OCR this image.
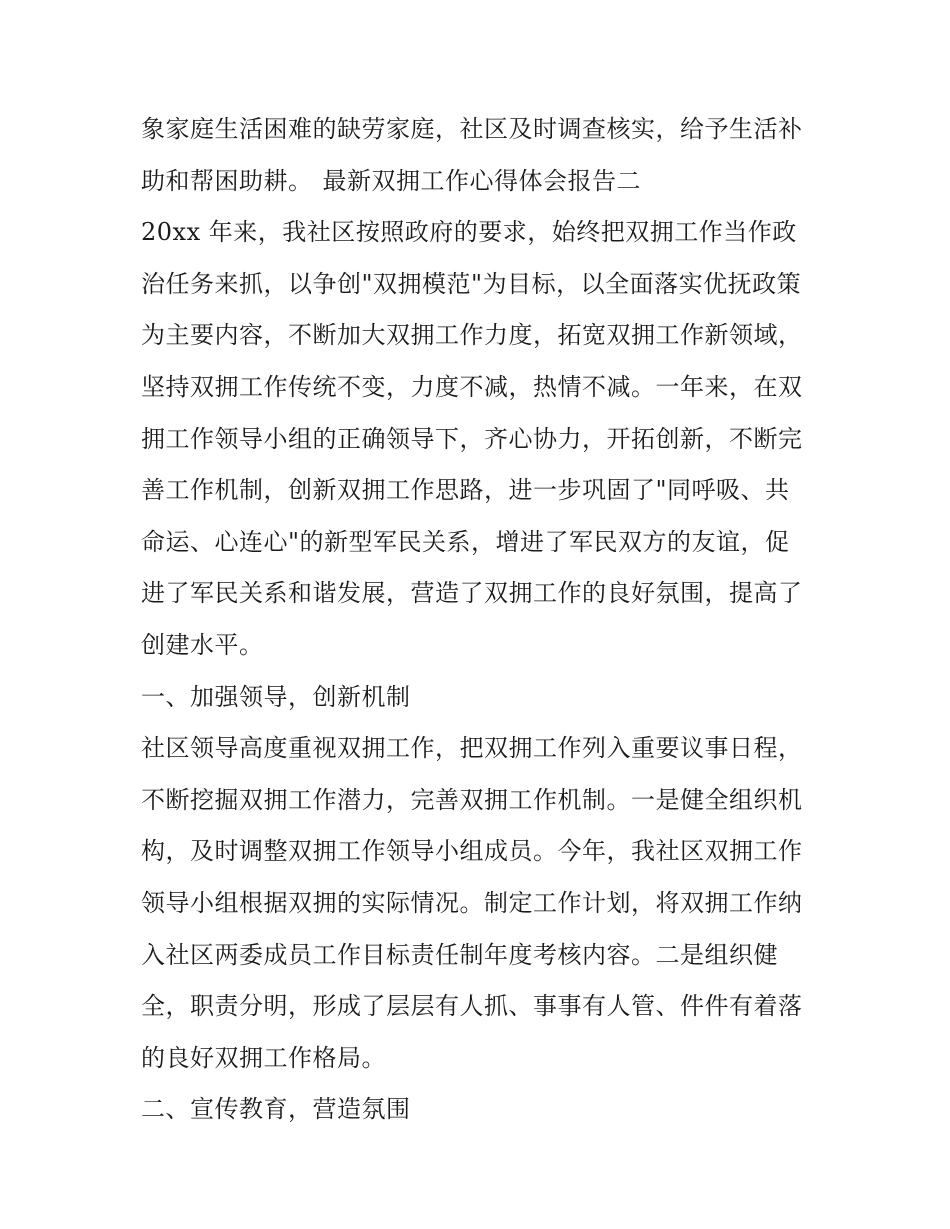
象家庭生活困难的缺劳家庭，社区及时调查核实，给予生活补
助和帮困助耕。 最新双拥工作心得体会报告二
20xx 年来，我社区按照政府的要求，始终把双拥工作当作政
治任务来抓，以争创"双拥模范"为目标，以全面落实优抚政策
为主要内容，不断加大双拥工作力度，拓宽双拥工作新领域，
坚持双拥工作传统不变，力度不减，热情不减。一年来，在双
拥工作领导小组的正确领导下，齐心协力，开拓创新，不断完
善工作机制，创新双拥工作思路，进一步巩固了"同呼吸、共
命运、心连心"的新型军民关系，增进了军民双方的友谊，促
进了军民关系和谐发展，营造了双拥工作的良好氛围，提高了
创建水平。
一、加强领导，创新机制
社区领导高度重视双拥工作，把双拥工作列入重要议事日程，
不断挖掘双拥工作潜力，完善双拥工作机制。一是健全组织机
构，及时调整双拥工作领导小组成员。今年，我社区双拥工作
领导小组根据双拥的实际情况。制定工作计划，将双拥工作纳
入社区两委成员工作目标责任制年度考核内容。二是组织健
全，职责分明，形成了层层有人抓、事事有人管、件件有着落
的良好双拥工作格局。
二、宣传教育，营造氛围
